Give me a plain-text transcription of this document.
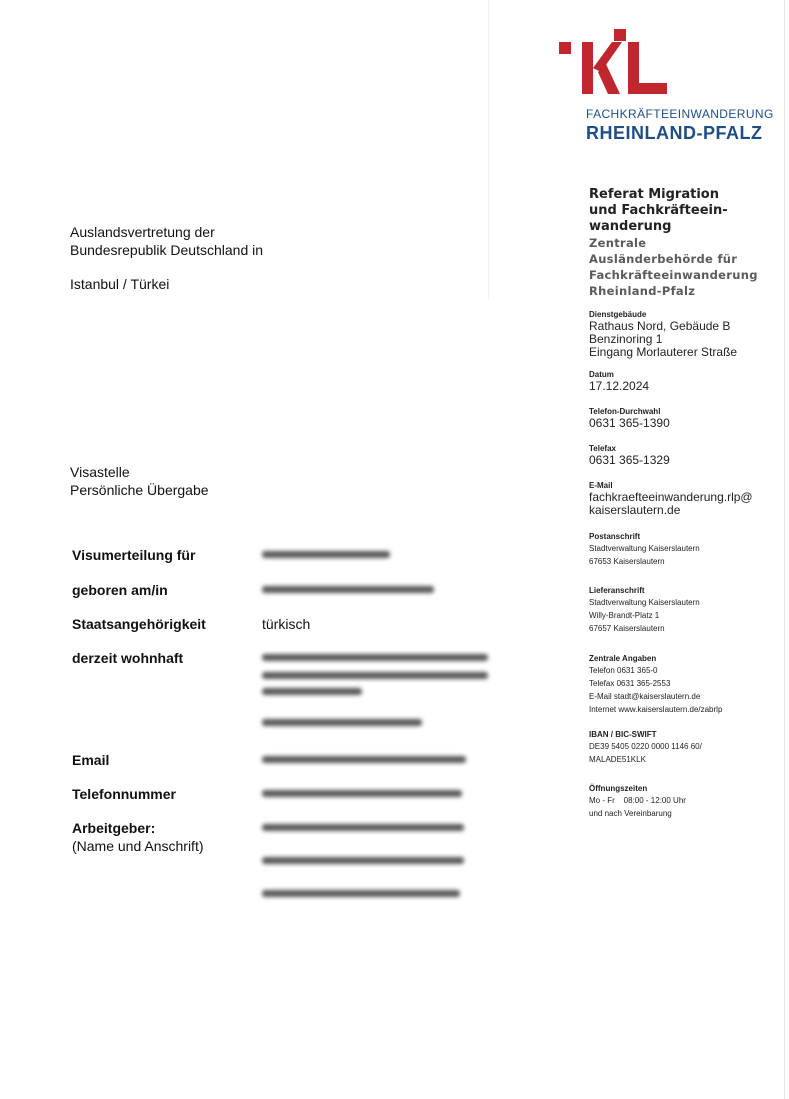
FACHKRÄFTEEINWANDERUNG
RHEINLAND-PFALZ
Auslandsvertretung der
Bundesrepublik Deutschland in
Istanbul / Türkei
Visastelle
Persönliche Übergabe
Referat Migration
und Fachkräfteein-
wanderung
Zentrale
Ausländerbehörde für
Fachkräfteeinwanderung
Rheinland-Pfalz
Dienstgebäude
Rathaus Nord, Gebäude B
Benzinoring 1
Eingang Morlauterer Straße
Datum
17.12.2024
Telefon-Durchwahl
0631 365-1390
Telefax
0631 365-1329
E-Mail
fachkraefteeinwanderung.rlp@
kaiserslautern.de
Postanschrift
Stadtverwaltung Kaiserslautern
67653 Kaiserslautern
Lieferanschrift
Stadtverwaltung Kaiserslautern
Willy-Brandt-Platz 1
67657 Kaiserslautern
Zentrale Angaben
Telefon 0631 365-0
Telefax 0631 365-2553
E-Mail stadt@kaiserslautern.de
Internet www.kaiserslautern.de/zabrlp
IBAN / BIC-SWIFT
DE39 5405 0220 0000 1146 60/
MALADE51KLK
Öffnungszeiten
Mo - Fr    08:00 - 12:00 Uhr
und nach Vereinbarung
Visumerteilung für
geboren am/in
Staatsangehörigkeit	türkisch
derzeit wohnhaft
Email
Telefonnummer
Arbeitgeber:
(Name und Anschrift)
